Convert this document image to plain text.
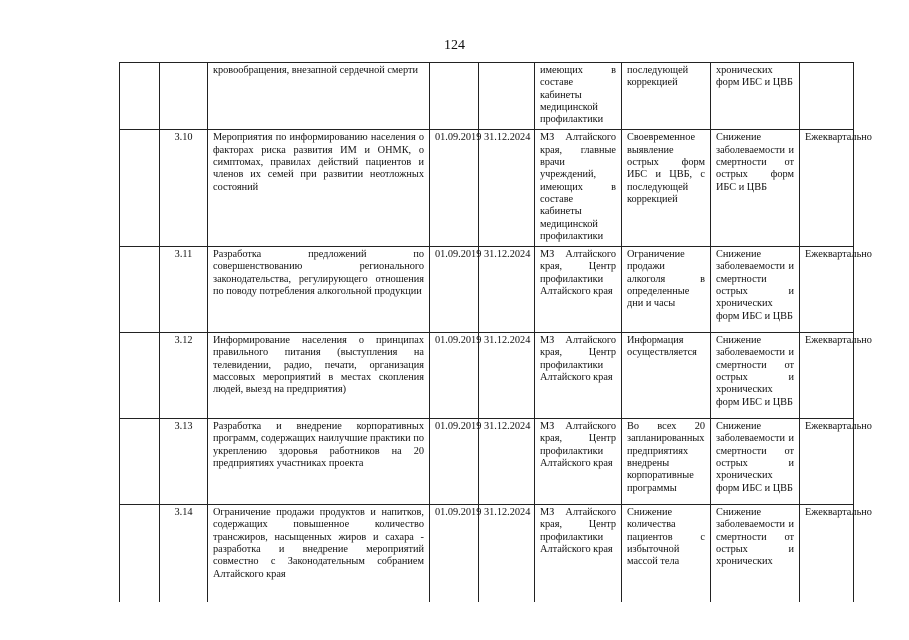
124
		кровообращения, внезапной сердечной смерти			имеющих в составе кабинеты медицинской профилактики	последующей коррекцией	хронических форм ИБС и ЦВБ	
	3.10	Мероприятия по информированию населения о факторах риска развития ИМ и ОНМК, о симптомах, правилах действий пациентов и членов их семей при развитии неотложных состояний	01.09.2019	31.12.2024	МЗ Алтайского края, главные врачи учреждений, имеющих в составе кабинеты медицинской профилактики	Своевременное выявление острых форм ИБС и ЦВБ, с последующей коррекцией	Снижение заболеваемости и смертности от острых форм ИБС и ЦВБ	Ежеквартально
	3.11	Разработка предложений по совершенствованию регионального законодательства, регулирующего отношения по поводу потребления алкогольной продукции	01.09.2019	31.12.2024	МЗ Алтайского края, Центр профилактики Алтайского края	Ограничение продажи алкоголя в определенные дни и часы	Снижение заболеваемости и смертности острых и хронических форм ИБС и ЦВБ	Ежеквартально
	3.12	Информирование населения о принципах правильного питания (выступления на телевидении, радио, печати, организация массовых мероприятий в местах скопления людей, выезд на предприятия)	01.09.2019	31.12.2024	МЗ Алтайского края, Центр профилактики Алтайского края	Информация осуществляется	Снижение заболеваемости и смертности от острых и хронических форм ИБС и ЦВБ	Ежеквартально
	3.13	Разработка и внедрение корпоративных программ, содержащих наилучшие практики по укреплению здоровья работников на 20 предприятиях участниках проекта	01.09.2019	31.12.2024	МЗ Алтайского края, Центр профилактики Алтайского края	Во всех 20 запланированных предприятиях внедрены корпоративные программы	Снижение заболеваемости и смертности от острых и хронических форм ИБС и ЦВБ	Ежеквартально
	3.14	Ограничение продажи продуктов и напитков, содержащих повышенное количество трансжиров, насыщенных жиров и сахара - разработка и внедрение мероприятий совместно с Законодательным собранием Алтайского края	01.09.2019	31.12.2024	МЗ Алтайского края, Центр профилактики Алтайского края	Снижение количества пациентов с избыточной массой тела	Снижение заболеваемости и смертности от острых и хронических	Ежеквартально
